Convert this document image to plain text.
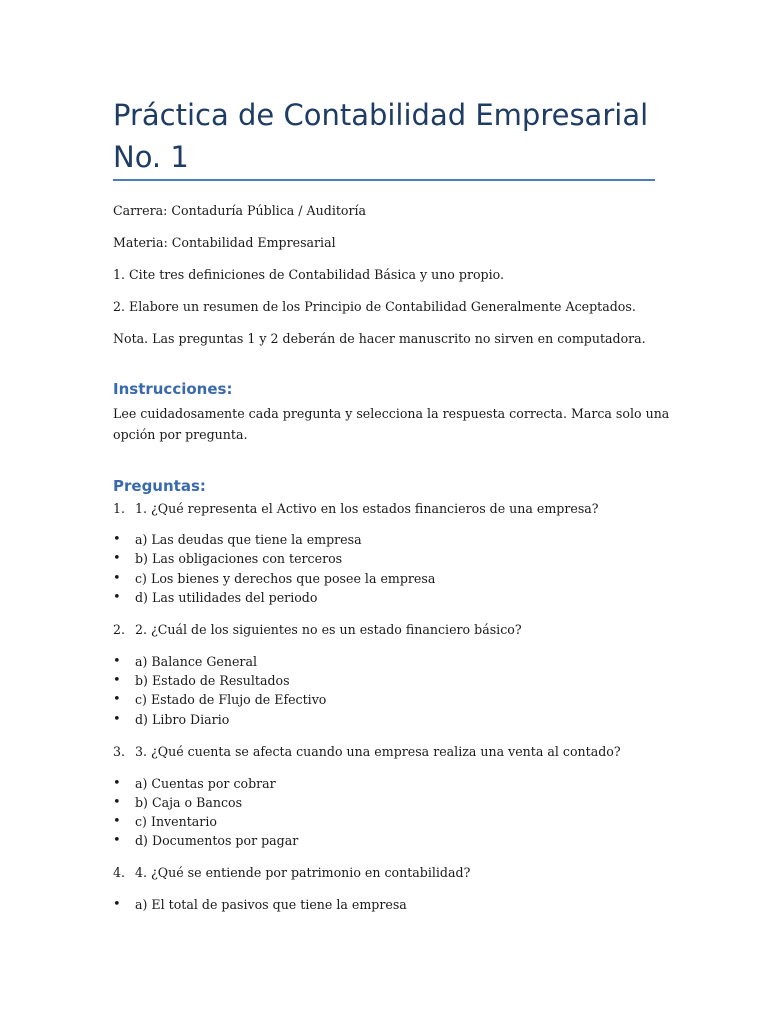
Práctica de Contabilidad Empresarial
No. 1

Carrera: Contaduría Pública / Auditoría

Materia: Contabilidad Empresarial

1. Cite tres definiciones de Contabilidad Básica y uno propio.

2. Elabore un resumen de los Principio de Contabilidad Generalmente Aceptados.

Nota. Las preguntas 1 y 2 deberán de hacer manuscrito no sirven en computadora.

Instrucciones:

Lee cuidadosamente cada pregunta y selecciona la respuesta correcta. Marca solo una

opción por pregunta.

Preguntas:
1. 1. ¿Qué representa el Activo en los estados financieros de una empresa?
• a) Las deudas que tiene la empresa
• b) Las obligaciones con terceros
• c) Los bienes y derechos que posee la empresa
• d) Las utilidades del periodo
2. 2. ¿Cuál de los siguientes no es un estado financiero básico?
• a) Balance General
• b) Estado de Resultados
• c) Estado de Flujo de Efectivo
• d) Libro Diario
3. 3. ¿Qué cuenta se afecta cuando una empresa realiza una venta al contado?
• a) Cuentas por cobrar
• b) Caja o Bancos
• c) Inventario
• d) Documentos por pagar
4. 4. ¿Qué se entiende por patrimonio en contabilidad?
• a) El total de pasivos que tiene la empresa
